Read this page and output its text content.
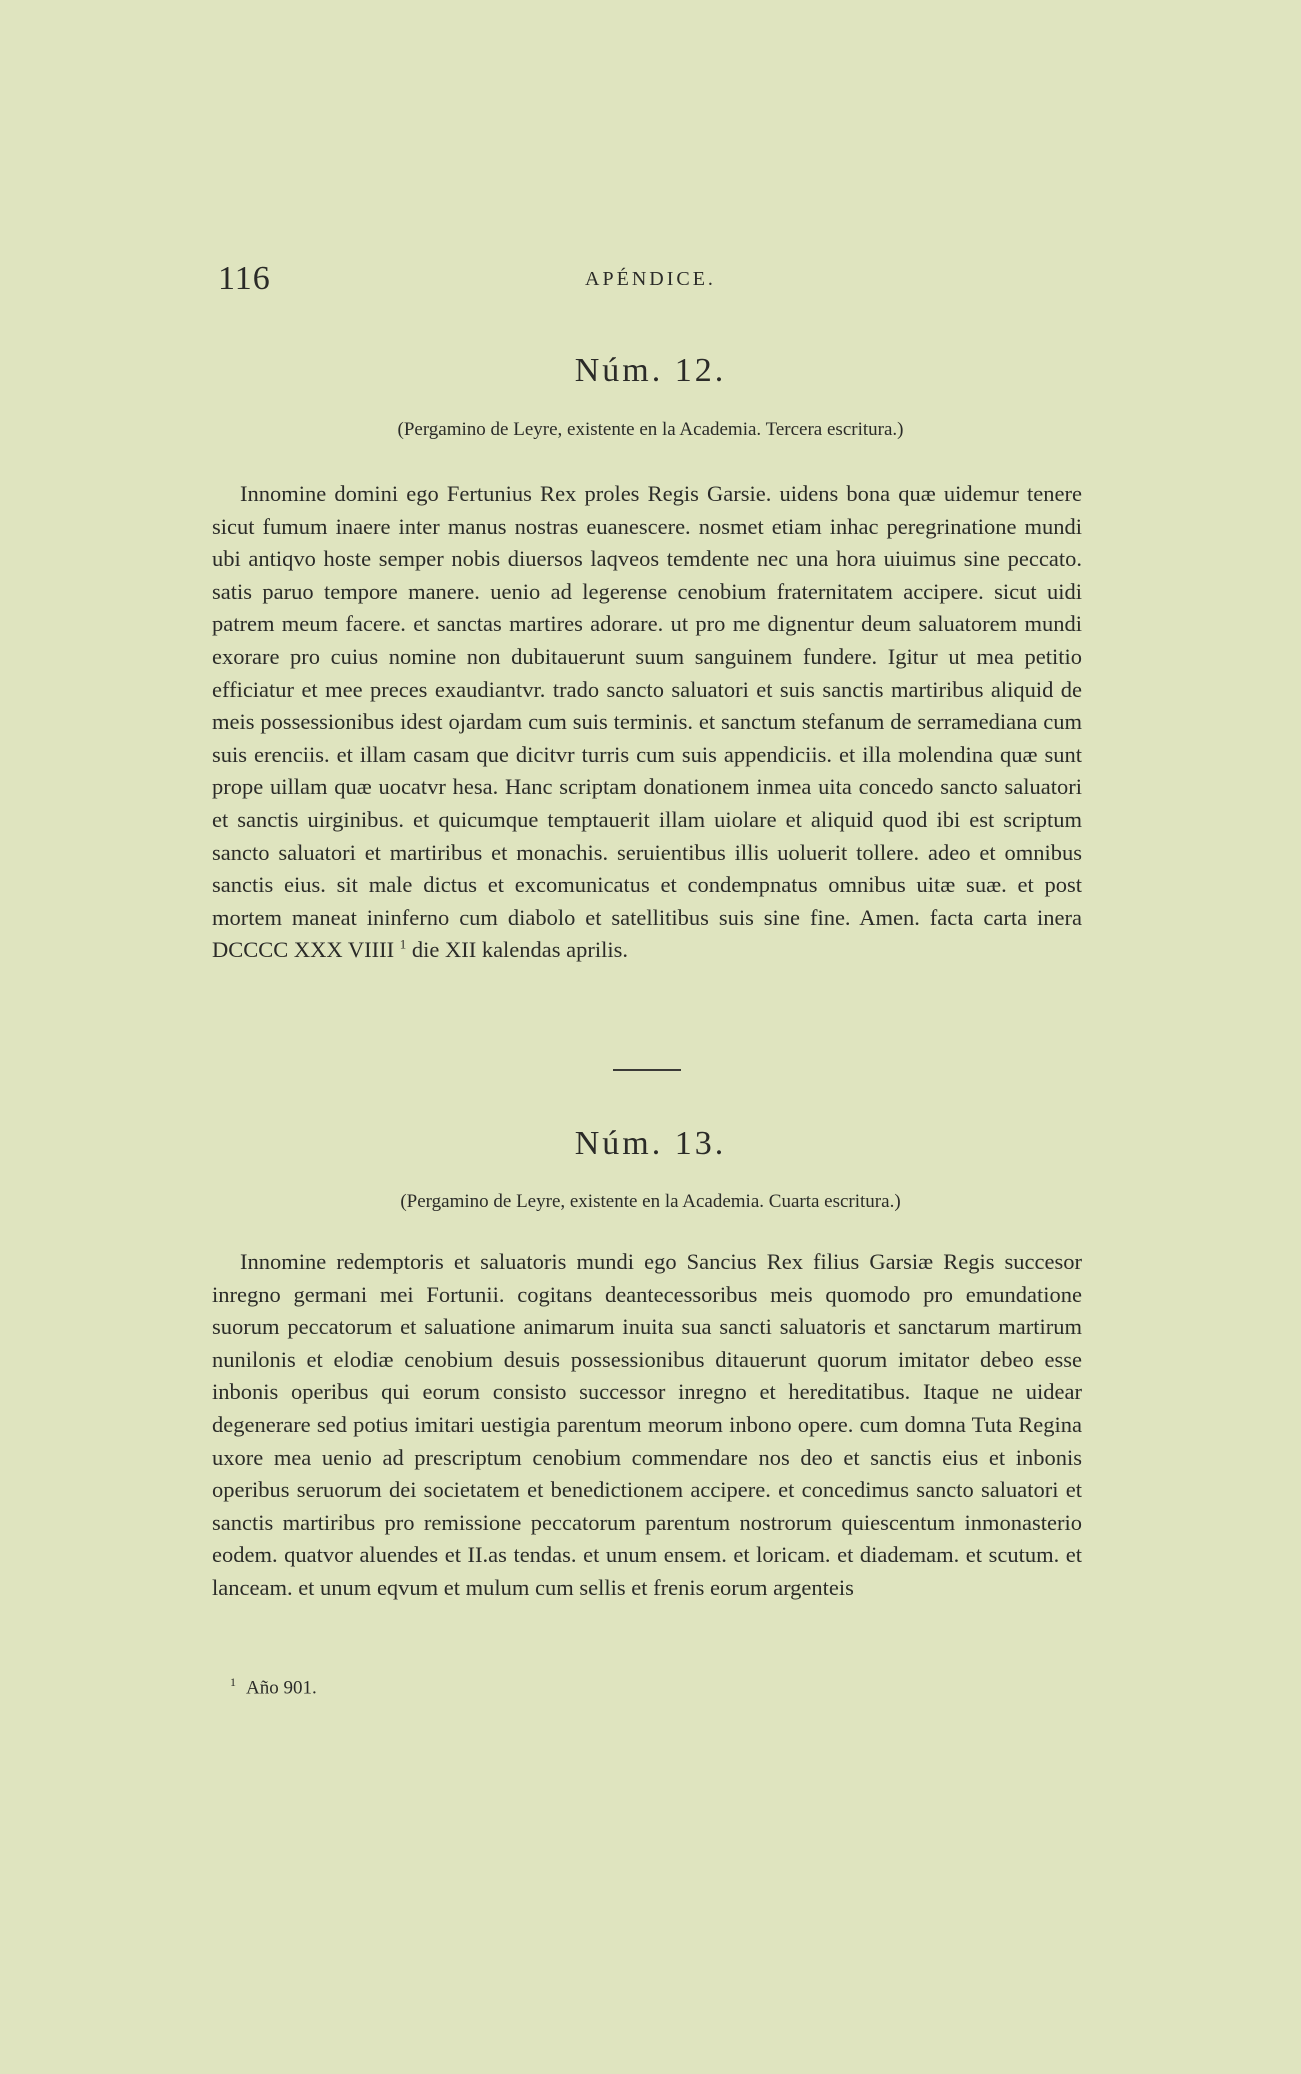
116	APÉNDICE.
Núm. 12.
(Pergamino de Leyre, existente en la Academia. Tercera escritura.)

Innomine domini ego Fertunius Rex proles Regis Garsie. uidens bona quæ uidemur tenere sicut fumum inaere inter manus nostras euanescere. nosmet etiam inhac peregrinatione mundi ubi antiqvo hoste semper nobis diuersos laqveos temdente nec una hora uiuimus sine peccato. satis paruo tempore manere. uenio ad legerense cenobium fraternitatem accipere. sicut uidi patrem meum facere. et sanctas martires adorare. ut pro me dignentur deum saluatorem mundi exorare pro cuius nomine non dubitauerunt suum sanguinem fundere. Igitur ut mea petitio efficiatur et mee preces exaudiantvr. trado sancto saluatori et suis sanctis martiribus aliquid de meis possessionibus idest ojardam cum suis terminis. et sanctum stefanum de serramediana cum suis erenciis. et illam casam que dicitvr turris cum suis appendiciis. et illa molendina quæ sunt prope uillam quæ uocatvr hesa. Hanc scriptam donationem inmea uita concedo sancto saluatori et sanctis uirginibus. et quicumque temptauerit illam uiolare et aliquid quod ibi est scriptum sancto saluatori et martiribus et monachis. seruientibus illis uoluerit tollere. adeo et omnibus sanctis eius. sit male dictus et excomunicatus et condempnatus omnibus uitæ suæ. et post mortem maneat ininferno cum diabolo et satellitibus suis sine fine. Amen. facta carta inera DCCCC XXX VIIII $^1$ die XII kalendas aprilis.

Núm. 13.
(Pergamino de Leyre, existente en la Academia. Cuarta escritura.)

Innomine redemptoris et saluatoris mundi ego Sancius Rex filius Garsiæ Regis succesor inregno germani mei Fortunii. cogitans deantecessoribus meis quomodo pro emundatione suorum peccatorum et saluatione animarum inuita sua sancti saluatoris et sanctarum martirum nunilonis et elodiæ cenobium desuis possessionibus ditauerunt quorum imitator debeo esse inbonis operibus qui eorum consisto successor inregno et hereditatibus. Itaque ne uidear degenerare sed potius imitari uestigia parentum meorum inbono opere. cum domna Tuta Regina uxore mea uenio ad prescriptum cenobium commendare nos deo et sanctis eius et inbonis operibus seruorum dei societatem et benedictionem accipere. et concedimus sancto saluatori et sanctis martiribus pro remissione peccatorum parentum nostrorum quiescentum inmonasterio eodem. quatvor aluendes et II.as tendas. et unum ensem. et loricam. et diademam. et scutum. et lanceam. et unum eqvum et mulum cum sellis et frenis eorum argenteis

$^1$ Año 901.
